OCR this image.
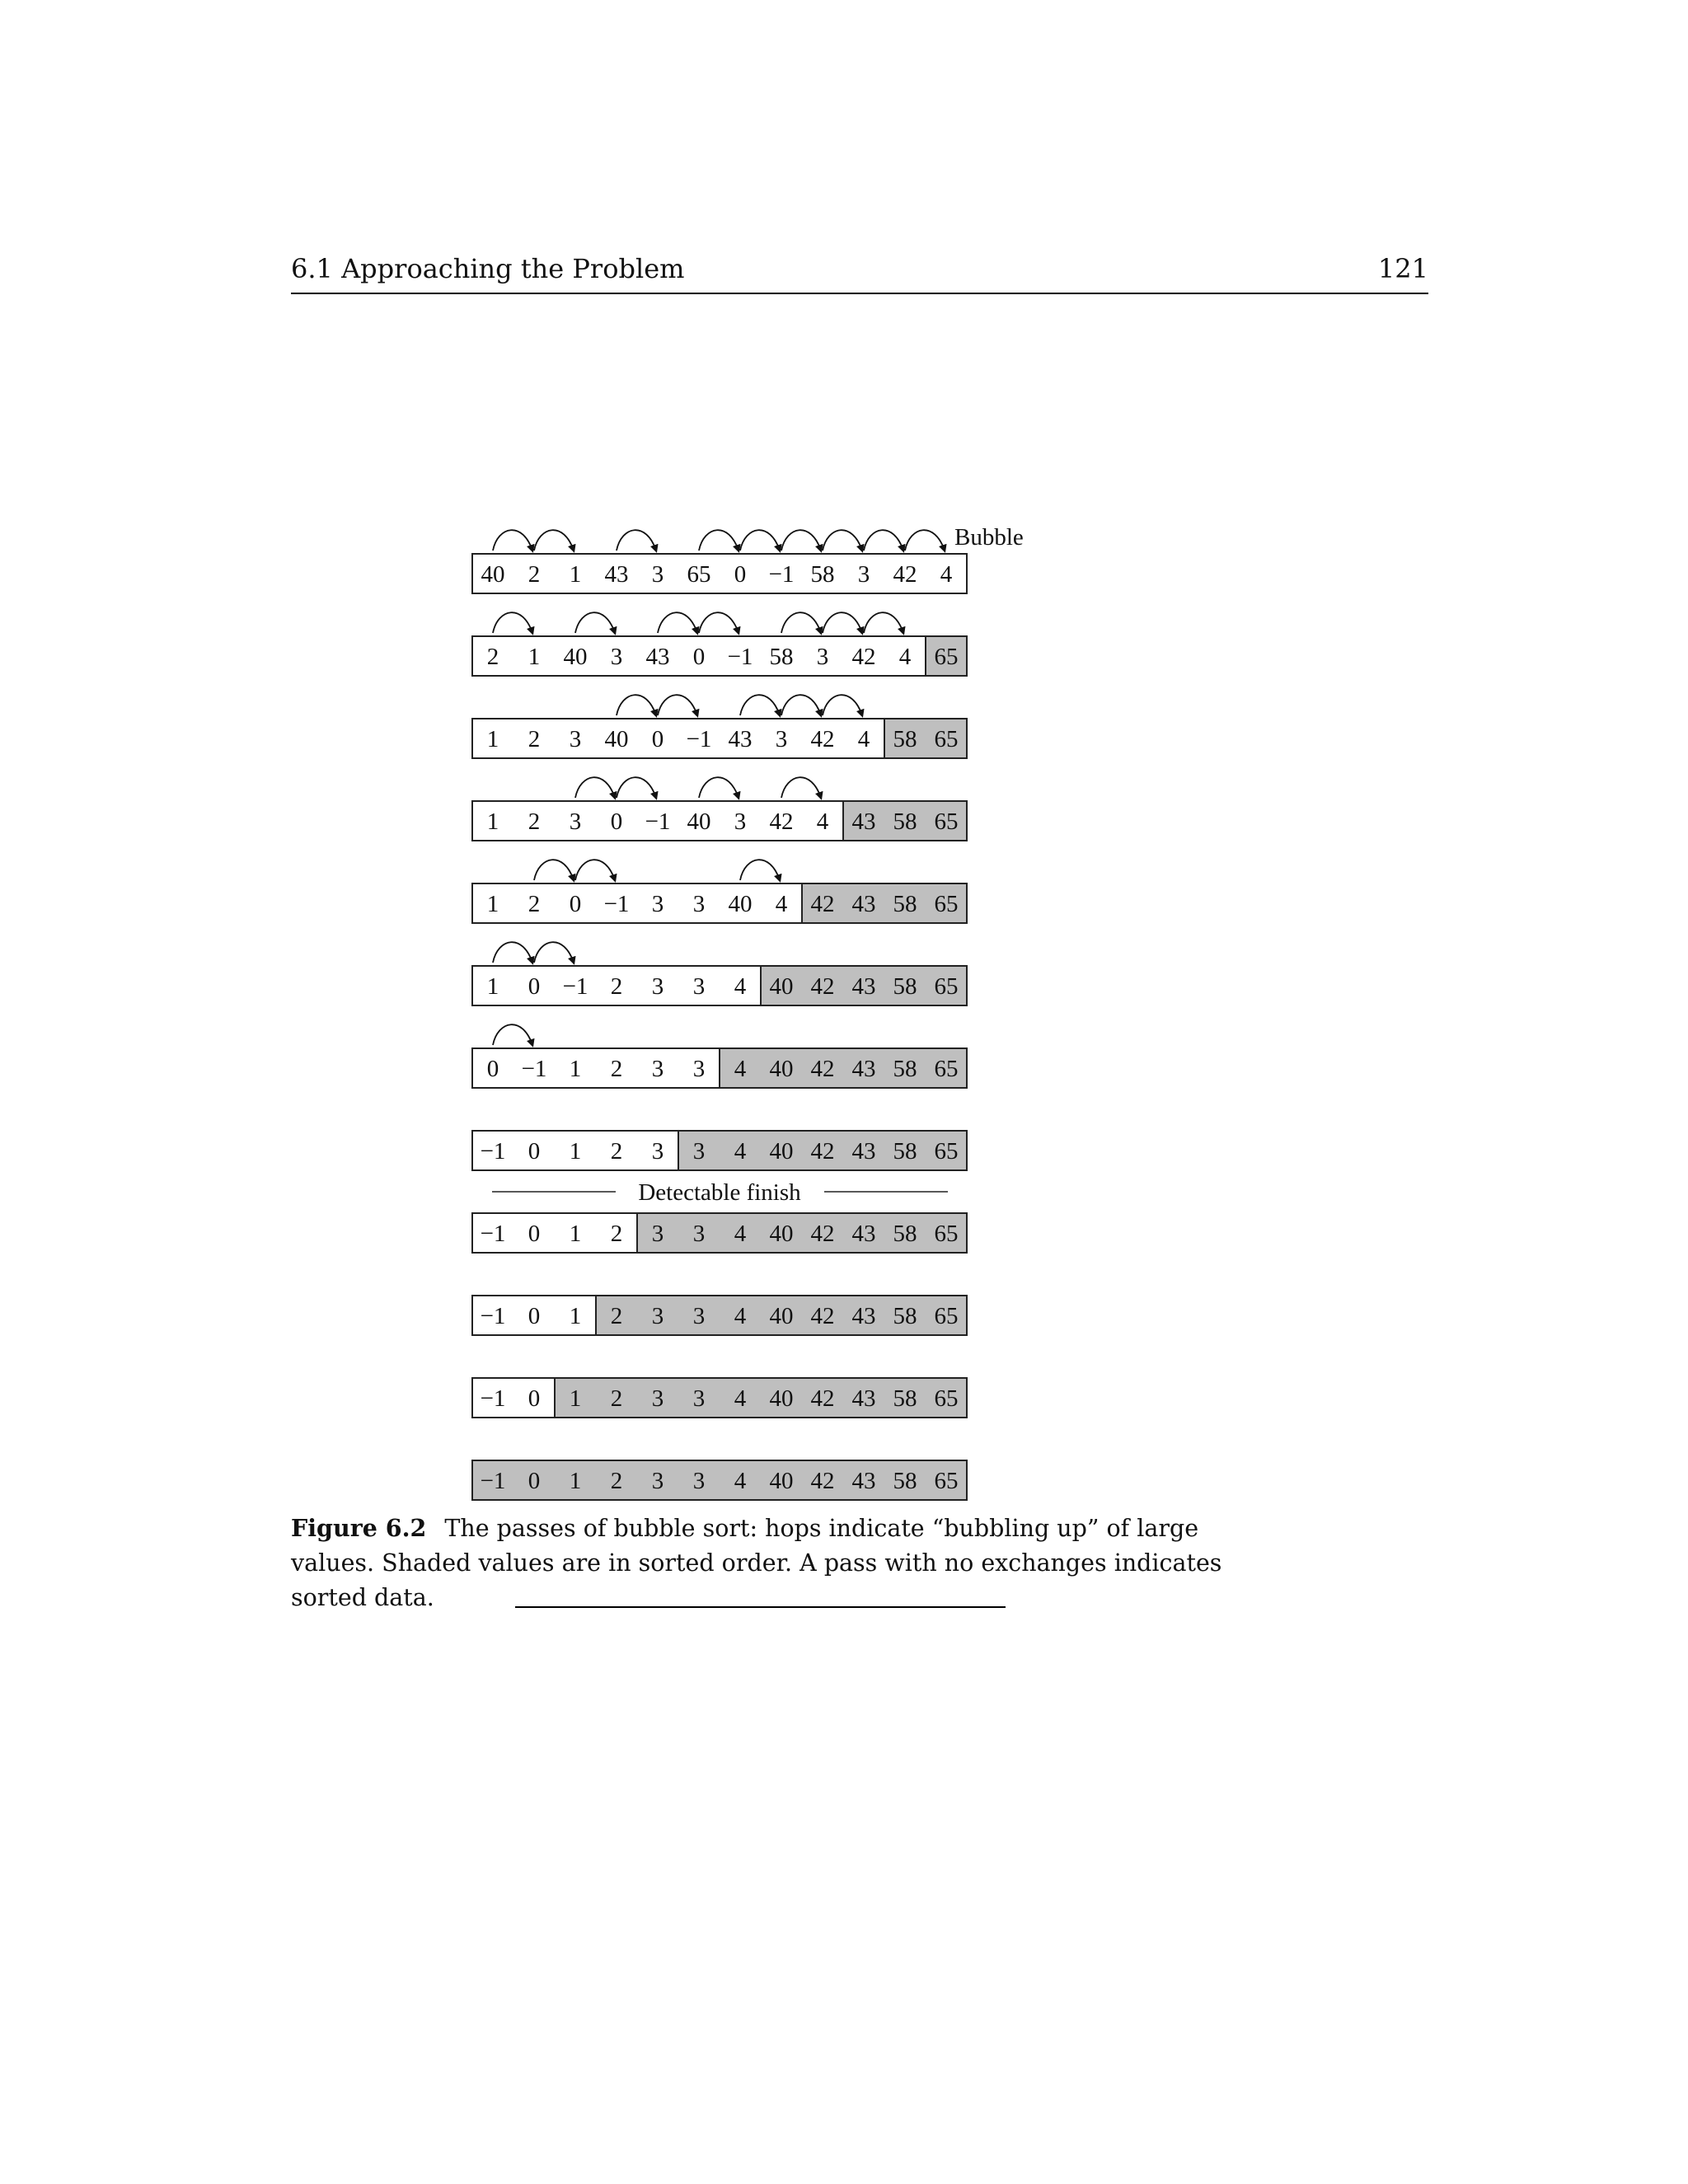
6.1 Approaching the Problem	121
40 2 1 43 3 65 0 −1 58 3 42 4
2 1 40 3 43 0 −1 58 3 42 4 65
1 2 3 40 0 −1 43 3 42 4 58 65
1 2 3 0 −1 40 3 42 4 43 58 65
1 2 0 −1 3 3 40 4 42 43 58 65
1 0 −1 2 3 3 4 40 42 43 58 65
0 −1 1 2 3 3 4 40 42 43 58 65
−1 0 1 2 3 3 4 40 42 43 58 65
−1 0 1 2 3 3 4 40 42 43 58 65
−1 0 1 2 3 3 4 40 42 43 58 65
−1 0 1 2 3 3 4 40 42 43 58 65
−1 0 1 2 3 3 4 40 42 43 58 65
Bubble
Detectable finish
Figure 6.2 The passes of bubble sort: hops indicate “bubbling up” of large values. Shaded values are in sorted order. A pass with no exchanges indicates sorted data.
